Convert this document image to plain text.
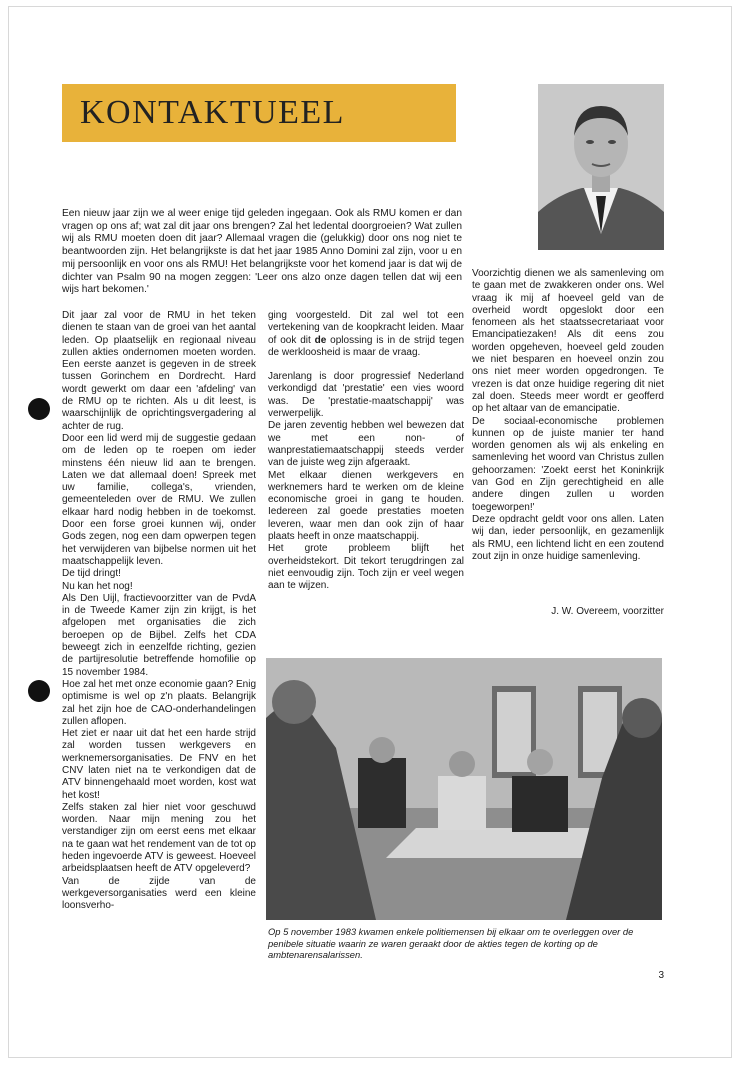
KONTAKTUEEL
Een nieuw jaar zijn we al weer enige tijd geleden ingegaan. Ook als RMU komen er dan vragen op ons af; wat zal dit jaar ons brengen? Zal het ledental doorgroeien? Wat zullen wij als RMU moeten doen dit jaar? Allemaal vragen die (gelukkig) door ons nog niet te beantwoorden zijn. Het belangrijkste is dat het jaar 1985 Anno Domini zal zijn, voor u en mij persoonlijk en voor ons als RMU! Het belangrijkste voor het komend jaar is dat wij de dichter van Psalm 90 na mogen zeggen: 'Leer ons alzo onze dagen tellen dat wij een wijs hart bekomen.'

Dit jaar zal voor de RMU in het teken dienen te staan van de groei van het aantal leden. Op plaatselijk en regionaal niveau zullen akties ondernomen moeten worden. Een eerste aanzet is gegeven in de streek tussen Gorinchem en Dordrecht. Hard wordt gewerkt om daar een 'afdeling' van de RMU op te richten. Als u dit leest, is waarschijnlijk de oprichtingsvergadering al achter de rug.

Door een lid werd mij de suggestie gedaan om de leden op te roepen om ieder minstens één nieuw lid aan te brengen. Laten we dat allemaal doen! Spreek met uw familie, collega's, vrienden, gemeenteleden over de RMU. We zullen elkaar hard nodig hebben in de toekomst. Door een forse groei kunnen wij, onder Gods zegen, nog een dam opwerpen tegen het verwijderen van bijbelse normen uit het maatschappelijk leven.

De tijd dringt!

Nu kan het nog!

Als Den Uijl, fractievoorzitter van de PvdA in de Tweede Kamer zijn zin krijgt, is het afgelopen met organisaties die zich beroepen op de Bijbel. Zelfs het CDA beweegt zich in eenzelfde richting, gezien de partijresolutie betreffende homofilie op 15 november 1984.

Hoe zal het met onze economie gaan? Enig optimisme is wel op z'n plaats. Belangrijk zal het zijn hoe de CAO-onderhandelingen zullen aflopen.

Het ziet er naar uit dat het een harde strijd zal worden tussen werkgevers en werknemersorganisaties. De FNV en het CNV laten niet na te verkondigen dat de ATV binnengehaald moet worden, kost wat het kost!

Zelfs staken zal hier niet voor geschuwd worden. Naar mijn mening zou het verstandiger zijn om eerst eens met elkaar na te gaan wat het rendement van de tot op heden ingevoerde ATV is geweest. Hoeveel arbeidsplaatsen heeft de ATV opgeleverd?

Van de zijde van de werkgeversorganisaties werd een kleine loonsverho-

ging voorgesteld. Dit zal wel tot een vertekening van de koopkracht leiden. Maar of ook dit de oplossing is in de strijd tegen de werkloosheid is maar de vraag.

Jarenlang is door progressief Nederland verkondigd dat 'prestatie' een vies woord was. De 'prestatie-maatschappij' was verwerpelijk.

De jaren zeventig hebben wel bewezen dat we met een non- of wanprestatiemaatschappij steeds verder van de juiste weg zijn afgeraakt.

Met elkaar dienen werkgevers en werknemers hard te werken om de kleine economische groei in gang te houden. Iedereen zal goede prestaties moeten leveren, waar men dan ook zijn of haar plaats heeft in onze maatschappij.

Het grote probleem blijft het overheidstekort. Dit tekort terugdringen zal niet eenvoudig zijn. Toch zijn er veel wegen aan te wijzen.

Voorzichtig dienen we als samenleving om te gaan met de zwakkeren onder ons. Wel vraag ik mij af hoeveel geld van de overheid wordt opgeslokt door een fenomeen als het staatssecretariaat voor Emancipatiezaken! Als dit eens zou worden opgeheven, hoeveel geld zouden we niet besparen en hoeveel onzin zou ons niet meer worden opgedrongen. Te vrezen is dat onze huidige regering dit niet zal doen. Steeds meer wordt er geofferd op het altaar van de emancipatie.

De sociaal-economische problemen kunnen op de juiste manier ter hand worden genomen als wij als enkeling en samenleving het woord van Christus zullen gehoorzamen: 'Zoekt eerst het Koninkrijk van God en Zijn gerechtigheid en alle andere dingen zullen u worden toegeworpen!'

Deze opdracht geldt voor ons allen. Laten wij dan, ieder persoonlijk, en gezamenlijk als RMU, een lichtend licht en een zoutend zout zijn in onze huidige samenleving.

J. W. Overeem, voorzitter
Op 5 november 1983 kwamen enkele politiemensen bij elkaar om te overleggen over de penibele situatie waarin ze waren geraakt door de akties tegen de korting op de ambtenarensalarissen.
3
